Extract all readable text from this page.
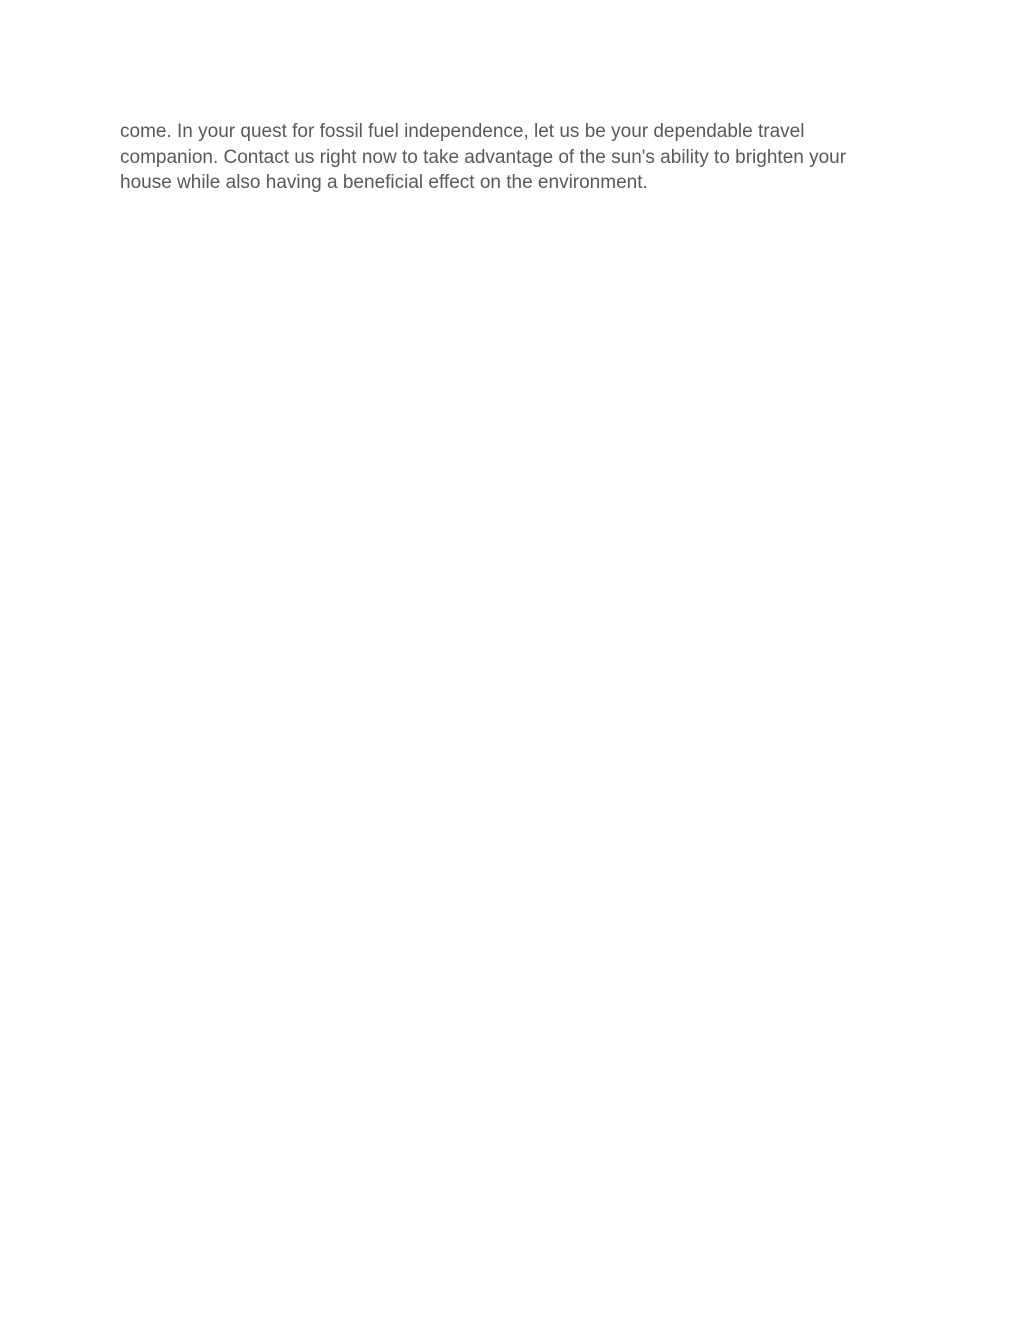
come. In your quest for fossil fuel independence, let us be your dependable travel
companion. Contact us right now to take advantage of the sun's ability to brighten your
house while also having a beneficial effect on the environment.
